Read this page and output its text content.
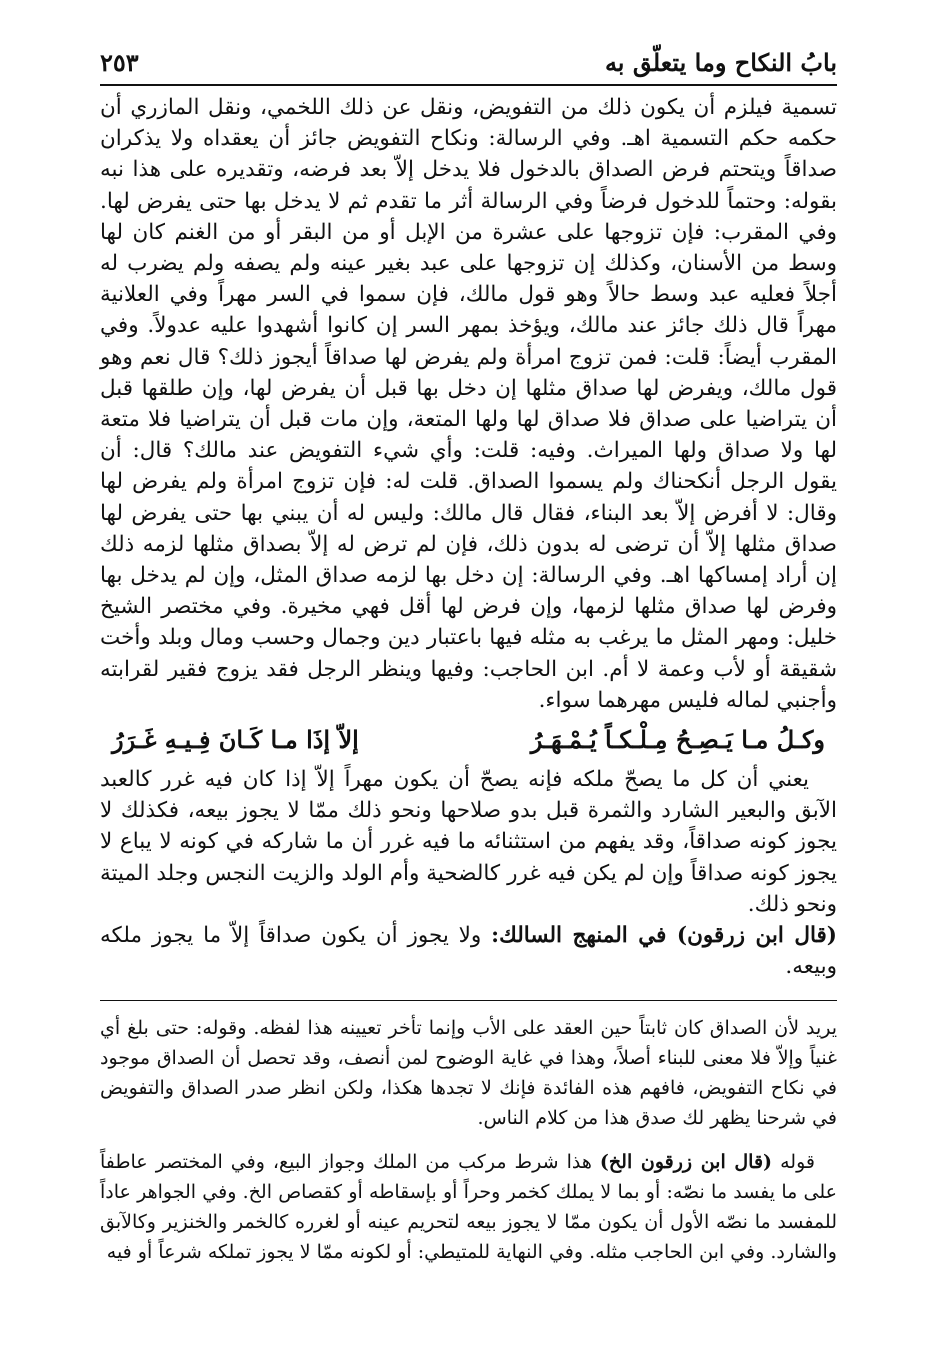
بابُ النكاح وما يتعلّق به
٢٥٣

تسمية فيلزم أن يكون ذلك من التفويض، ونقل عن ذلك اللخمي، ونقل المازري أن حكمه حكم التسمية اهـ. وفي الرسالة: ونكاح التفويض جائز أن يعقداه ولا يذكران صداقاً ويتحتم فرض الصداق بالدخول فلا يدخل إلاّ بعد فرضه، وتقديره على هذا نبه بقوله: وحتماً للدخول فرضاً وفي الرسالة أثر ما تقدم ثم لا يدخل بها حتى يفرض لها. وفي المقرب: فإن تزوجها على عشرة من الإبل أو من البقر أو من الغنم كان لها وسط من الأسنان، وكذلك إن تزوجها على عبد بغير عينه ولم يصفه ولم يضرب له أجلاً فعليه عبد وسط حالاً وهو قول مالك، فإن سموا في السر مهراً وفي العلانية مهراً قال ذلك جائز عند مالك، ويؤخذ بمهر السر إن كانوا أشهدوا عليه عدولاً. وفي المقرب أيضاً: قلت: فمن تزوج امرأة ولم يفرض لها صداقاً أيجوز ذلك؟ قال نعم وهو قول مالك، ويفرض لها صداق مثلها إن دخل بها قبل أن يفرض لها، وإن طلقها قبل أن يتراضيا على صداق فلا صداق لها ولها المتعة، وإن مات قبل أن يتراضيا فلا متعة لها ولا صداق ولها الميراث. وفيه: قلت: وأي شيء التفويض عند مالك؟ قال: أن يقول الرجل أنكحناك ولم يسموا الصداق. قلت له: فإن تزوج امرأة ولم يفرض لها وقال: لا أفرض إلاّ بعد البناء، فقال قال مالك: وليس له أن يبني بها حتى يفرض لها صداق مثلها إلاّ أن ترضى له بدون ذلك، فإن لم ترض له إلاّ بصداق مثلها لزمه ذلك إن أراد إمساكها اهـ. وفي الرسالة: إن دخل بها لزمه صداق المثل، وإن لم يدخل بها وفرض لها صداق مثلها لزمها، وإن فرض لها أقل فهي مخيرة. وفي مختصر الشيخ خليل: ومهر المثل ما يرغب به مثله فيها باعتبار دين وجمال وحسب ومال وبلد وأخت شقيقة أو لأب وعمة لا أم. ابن الحاجب: وفيها وينظر الرجل فقد يزوج فقير لقرابته وأجنبي لماله فليس مهرهما سواء.

وكـلُ مـا يَـصِـحُ مِـلْـكـاً يُـمْـهَـرُ
إلاّ إذَا مـا كَـانَ فِـيـهِ غَـرَرُ

يعني أن كل ما يصحّ ملكه فإنه يصحّ أن يكون مهراً إلاّ إذا كان فيه غرر كالعبد الآبق والبعير الشارد والثمرة قبل بدو صلاحها ونحو ذلك ممّا لا يجوز بيعه، فكذلك لا يجوز كونه صداقاً، وقد يفهم من استثنائه ما فيه غرر أن ما شاركه في كونه لا يباع لا يجوز كونه صداقاً وإن لم يكن فيه غرر كالضحية وأم الولد والزيت النجس وجلد الميتة ونحو ذلك.

(قال ابن زرقون) في المنهج السالك: ولا يجوز أن يكون صداقاً إلاّ ما يجوز ملكه وبيعه.

يريد لأن الصداق كان ثابتاً حين العقد على الأب وإنما تأخر تعيينه هذا لفظه. وقوله: حتى بلغ أي غنياً وإلاّ فلا معنى للبناء أصلاً، وهذا في غاية الوضوح لمن أنصف، وقد تحصل أن الصداق موجود في نكاح التفويض، فافهم هذه الفائدة فإنك لا تجدها هكذا، ولكن انظر صدر الصداق والتفويض في شرحنا يظهر لك صدق هذا من كلام الناس.

قوله (قال ابن زرقون الخ) هذا شرط مركب من الملك وجواز البيع، وفي المختصر عاطفاً على ما يفسد ما نصّه: أو بما لا يملك كخمر وحراً أو بإسقاطه أو كقصاص الخ. وفي الجواهر عاداً للمفسد ما نصّه الأول أن يكون ممّا لا يجوز بيعه لتحريم عينه أو لغرره كالخمر والخنزير وكالآبق والشارد. وفي ابن الحاجب مثله. وفي النهاية للمتيطي: أو لكونه ممّا لا يجوز تملكه شرعاً أو فيه
